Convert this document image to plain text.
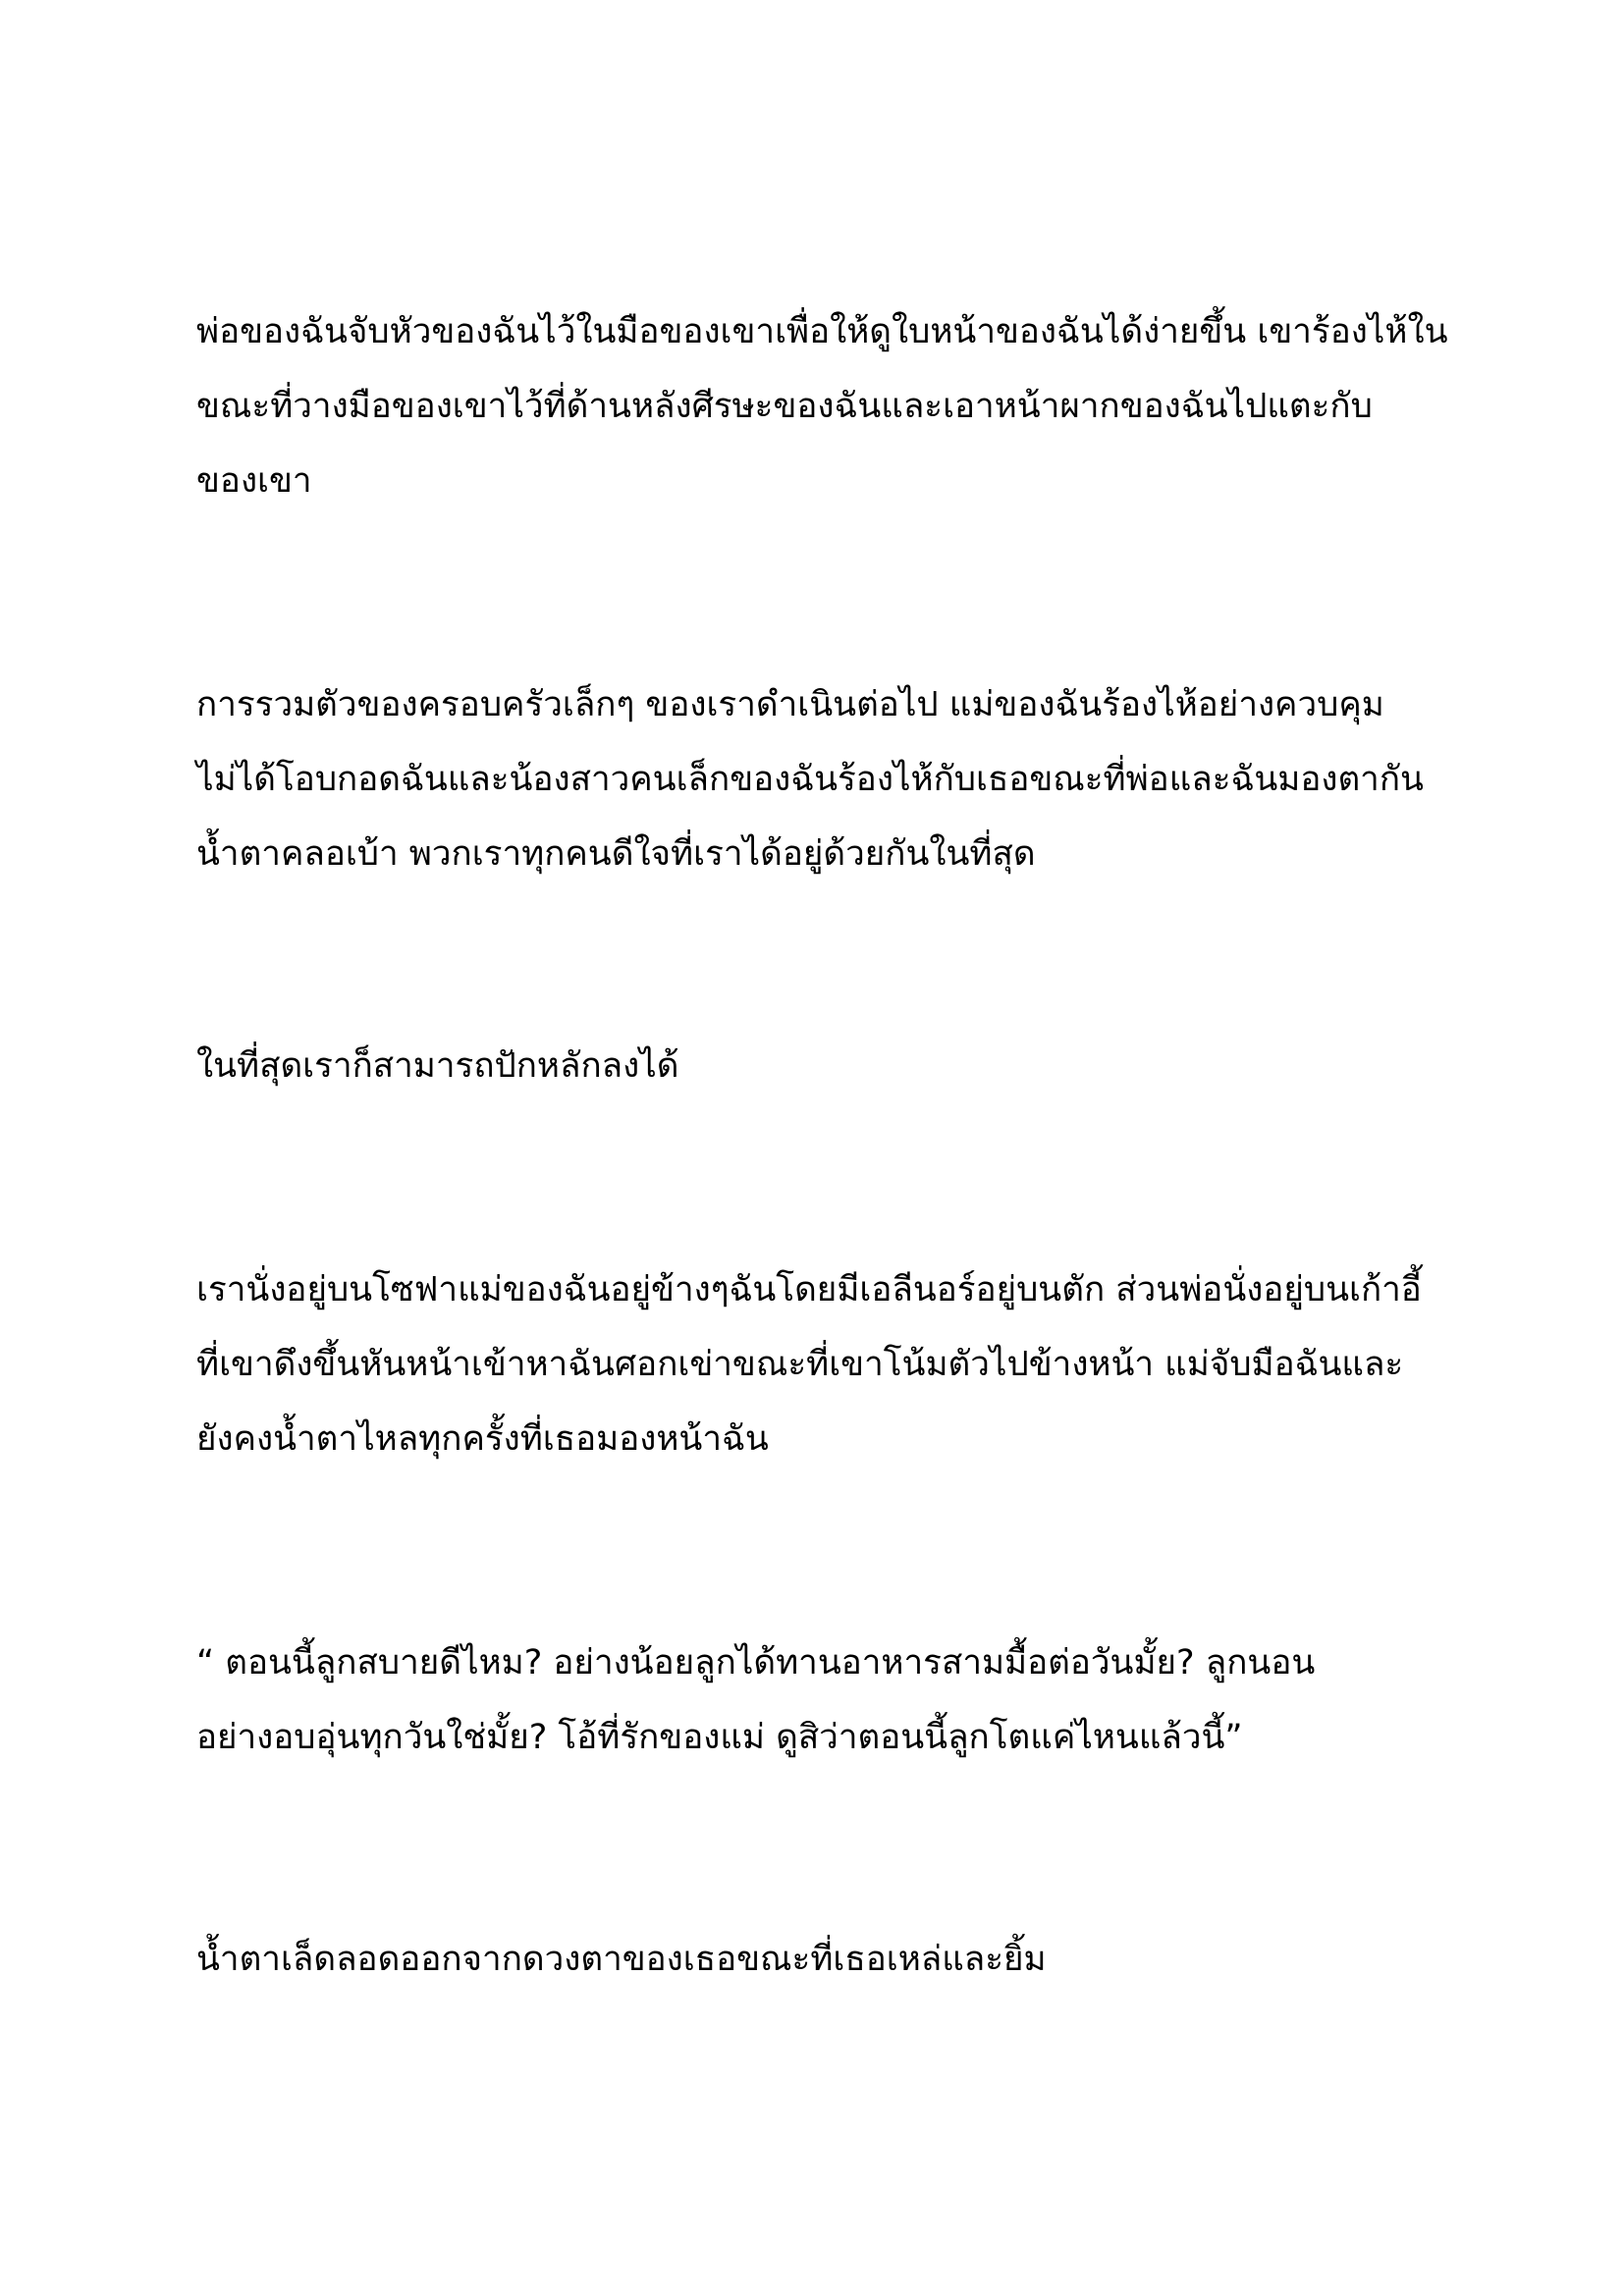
พ่อของฉันจับหัวของฉันไว้ในมือของเขาเพื่อให้ดูใบหน้าของฉันได้ง่ายขึ้น เขาร้องไห้ใน
ขณะที่วางมือของเขาไว้ที่ด้านหลังศีรษะของฉันและเอาหน้าผากของฉันไปแตะกับ
ของเขา

การรวมตัวของครอบครัวเล็กๆ ของเราดำเนินต่อไป แม่ของฉันร้องไห้อย่างควบคุม
ไม่ได้โอบกอดฉันและน้องสาวคนเล็กของฉันร้องไห้กับเธอขณะที่พ่อและฉันมองตากัน
น้ำตาคลอเบ้า พวกเราทุกคนดีใจที่เราได้อยู่ด้วยกันในที่สุด

ในที่สุดเราก็สามารถปักหลักลงได้

เรานั่งอยู่บนโซฟาแม่ของฉันอยู่ข้างๆฉันโดยมีเอลีนอร์อยู่บนตัก ส่วนพ่อนั่งอยู่บนเก้าอี้
ที่เขาดึงขึ้นหันหน้าเข้าหาฉันศอกเข่าขณะที่เขาโน้มตัวไปข้างหน้า แม่จับมือฉันและ
ยังคงน้ำตาไหลทุกครั้งที่เธอมองหน้าฉัน

“ ตอนนี้ลูกสบายดีไหม? อย่างน้อยลูกได้ทานอาหารสามมื้อต่อวันมั้ย? ลูกนอน
อย่างอบอุ่นทุกวันใช่มั้ย? โอ้ที่รักของแม่ ดูสิว่าตอนนี้ลูกโตแค่ไหนแล้วนี้”

น้ำตาเล็ดลอดออกจากดวงตาของเธอขณะที่เธอเหล่และยิ้ม
